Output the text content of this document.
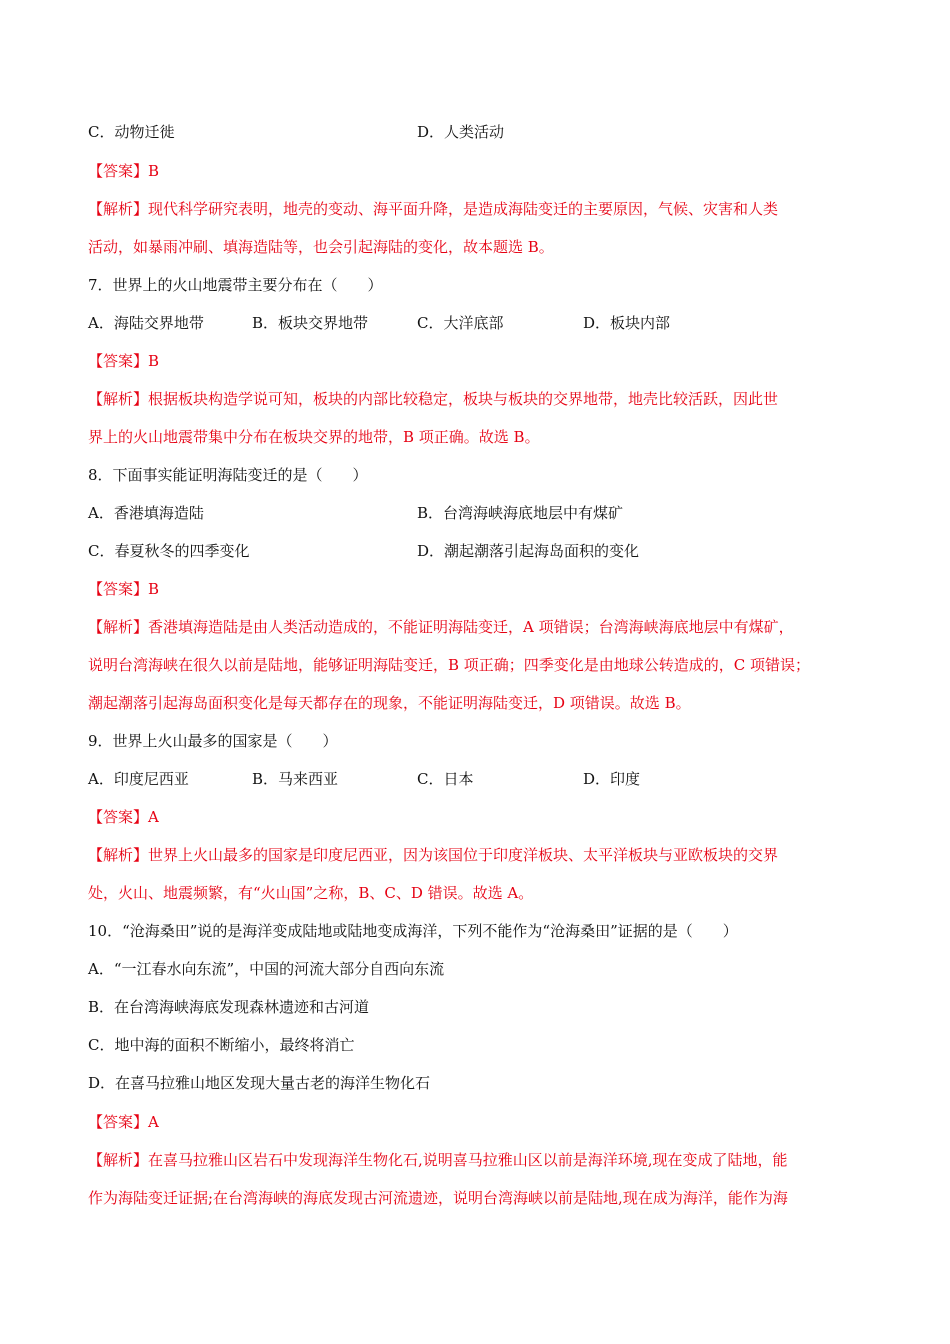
C．动物迁徙	D．人类活动
【答案】B
【解析】现代科学研究表明，地壳的变动、海平面升降，是造成海陆变迁的主要原因，气候、灾害和人类
活动，如暴雨冲刷、填海造陆等，也会引起海陆的变化，故本题选 B。
7．世界上的火山地震带主要分布在（　　）
A．海陆交界地带	B．板块交界地带	C．大洋底部	D．板块内部
【答案】B
【解析】根据板块构造学说可知，板块的内部比较稳定，板块与板块的交界地带，地壳比较活跃，因此世
界上的火山地震带集中分布在板块交界的地带，B 项正确。故选 B。
8．下面事实能证明海陆变迁的是（　　）
A．香港填海造陆	B．台湾海峡海底地层中有煤矿
C．春夏秋冬的四季变化	D．潮起潮落引起海岛面积的变化
【答案】B
【解析】香港填海造陆是由人类活动造成的，不能证明海陆变迁，A 项错误；台湾海峡海底地层中有煤矿，
说明台湾海峡在很久以前是陆地，能够证明海陆变迁，B 项正确；四季变化是由地球公转造成的，C 项错误；
潮起潮落引起海岛面积变化是每天都存在的现象，不能证明海陆变迁，D 项错误。故选 B。
9．世界上火山最多的国家是（　　）
A．印度尼西亚	B．马来西亚	C．日本	D．印度
【答案】A
【解析】世界上火山最多的国家是印度尼西亚，因为该国位于印度洋板块、太平洋板块与亚欧板块的交界
处，火山、地震频繁，有“火山国”之称，B、C、D 错误。故选 A。
10．“沧海桑田”说的是海洋变成陆地或陆地变成海洋，下列不能作为“沧海桑田”证据的是（　　）
A．“一江春水向东流”，中国的河流大部分自西向东流
B．在台湾海峡海底发现森林遗迹和古河道
C．地中海的面积不断缩小，最终将消亡
D．在喜马拉雅山地区发现大量古老的海洋生物化石
【答案】A
【解析】在喜马拉雅山区岩石中发现海洋生物化石,说明喜马拉雅山区以前是海洋环境,现在变成了陆地，能
作为海陆变迁证据;在台湾海峡的海底发现古河流遗迹，说明台湾海峡以前是陆地,现在成为海洋，能作为海
